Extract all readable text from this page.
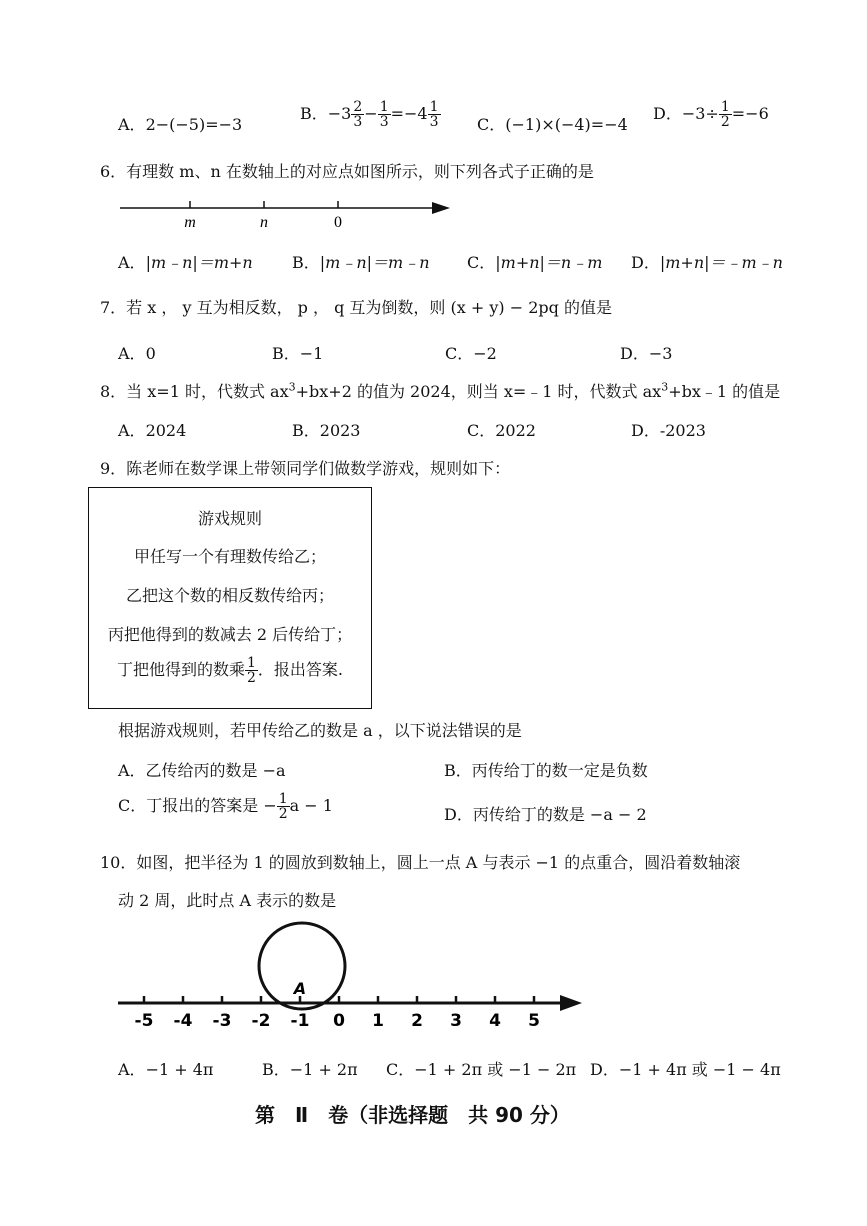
A．2−(−5)=−3
B．$-3 \frac{2}{3} - \frac{1}{3} =-4 \frac{1}{3}$ C．(−1)×(−4)=−4
D．$-3\div \frac{1}{2} =-6$
6．有理数 m、n 在数轴上的对应点如图所示，则下列各式子正确的是
m	n	0
A．|m﹣n|＝m+n B．|m﹣n|＝m﹣n C．|m+n|＝n﹣m D．|m+n|＝﹣m﹣n
7．若 x ， y 互为相反数， p ， q 互为倒数，则 (x + y) − 2pq 的值是
A．0	B．−1	C．−2	D．−3
8．当 x=1 时，代数式 $ax^3+bx+2$ 的值为 2024，则当 x=﹣1 时，代数式 $ax^3+bx﹣1$ 的值是
A．2024	B．2023	C．2022	D．-2023
9．陈老师在数学课上带领同学们做数学游戏，规则如下：
游戏规则
甲任写一个有理数传给乙；
乙把这个数的相反数传给丙；
丙把他得到的数减去 2 后传给丁；
丁把他得到的数乘 $\frac{1}{2}$ ．报出答案.
根据游戏规则，若甲传给乙的数是 a ，以下说法错误的是
A．乙传给丙的数是 −a	B．丙传给丁的数一定是负数
C．丁报出的答案是 − $\frac{1}{2}$ a − 1	D．丙传给丁的数是 −a − 2
10．如图，把半径为 1 的圆放到数轴上，圆上一点 A 与表示 −1 的点重合，圆沿着数轴滚
动 2 周，此时点 A 表示的数是
A
-5 -4 -3 -2 -1 0 1 2 3 4 5
A．−1 + 4π	B．−1 + 2π C．−1 + 2π 或 −1 − 2π D．−1 + 4π 或 −1 − 4π
第　Ⅱ　卷（非选择题　共 90 分）
